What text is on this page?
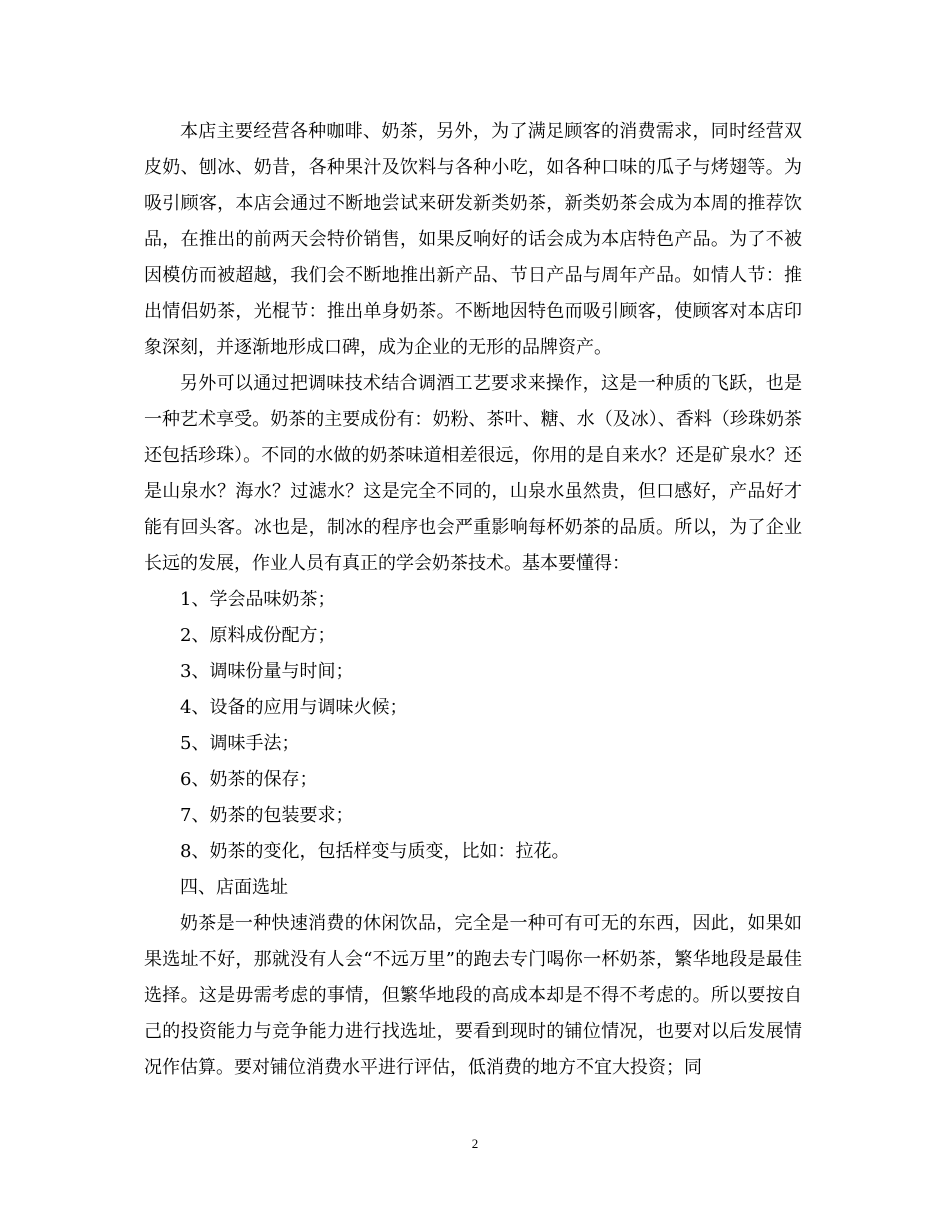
本店主要经营各种咖啡、奶茶，另外，为了满足顾客的消费需求，同时经营双皮奶、刨冰、奶昔，各种果汁及饮料与各种小吃，如各种口味的瓜子与烤翅等。为吸引顾客，本店会通过不断地尝试来研发新类奶茶，新类奶茶会成为本周的推荐饮品，在推出的前两天会特价销售，如果反响好的话会成为本店特色产品。为了不被因模仿而被超越，我们会不断地推出新产品、节日产品与周年产品。如情人节：推出情侣奶茶，光棍节：推出单身奶茶。不断地因特色而吸引顾客，使顾客对本店印象深刻，并逐渐地形成口碑，成为企业的无形的品牌资产。

另外可以通过把调味技术结合调酒工艺要求来操作，这是一种质的飞跃，也是一种艺术享受。奶茶的主要成份有：奶粉、茶叶、糖、水（及冰）、香料（珍珠奶茶还包括珍珠）。不同的水做的奶茶味道相差很远，你用的是自来水？还是矿泉水？还是山泉水？海水？过滤水？这是完全不同的，山泉水虽然贵，但口感好，产品好才能有回头客。冰也是，制冰的程序也会严重影响每杯奶茶的品质。所以，为了企业长远的发展，作业人员有真正的学会奶茶技术。基本要懂得：

1、学会品味奶茶；
2、原料成份配方；
3、调味份量与时间；
4、设备的应用与调味火候；
5、调味手法；
6、奶茶的保存；
7、奶茶的包装要求；
8、奶茶的变化，包括样变与质变，比如：拉花。
四、店面选址

奶茶是一种快速消费的休闲饮品，完全是一种可有可无的东西，因此，如果如果选址不好，那就没有人会“不远万里”的跑去专门喝你一杯奶茶，繁华地段是最佳选择。这是毋需考虑的事情，但繁华地段的高成本却是不得不考虑的。所以要按自己的投资能力与竞争能力进行找选址，要看到现时的铺位情况，也要对以后发展情况作估算。要对铺位消费水平进行评估，低消费的地方不宜大投资；同

2
